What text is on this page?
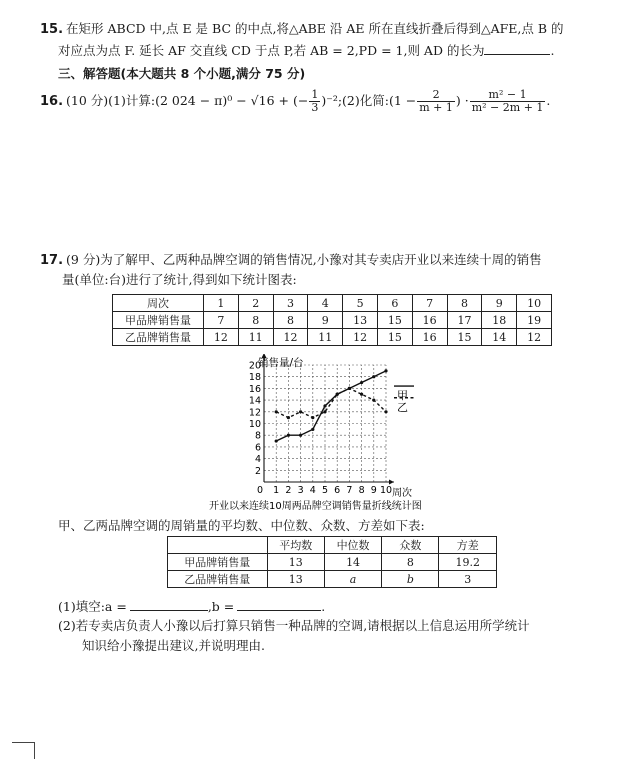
15. 在矩形 ABCD 中,点 E 是 BC 的中点,将△ABE 沿 AE 所在直线折叠后得到△AFE,点 B 的
对应点为点 F. 延长 AF 交直线 CD 于点 P,若 AB = 2,PD = 1,则 AD 的长为	.
三、解答题(本大题共 8 个小题,满分 75 分)
16. (10 分)(1)计算:(2 024 − π)⁰ − √16 + (− $\frac{1}{3}$ )⁻²;(2)化简:(1 − $\frac{2}{m + 1}$ ) · $\frac{\text{m² − 1}}{\text{m² − 2m + 1}}$ .
17. (9 分)为了解甲、乙两种品牌空调的销售情况,小豫对其专卖店开业以来连续十周的销售
量(单位:台)进行了统计,得到如下统计图表:
周次	1	2	3	4	5	6	7	8	9	10
甲品牌销售量	7	8	8	9	13	15	16	17	18	19
乙品牌销售量	12	11	12	11	12	15	16	15	14	12
2
4
6
8
10
12
14
16
18
20
0 1 2 3 4 5 6 7 8 9 10
甲
乙
销售量/台
周次
开业以来连续10周两品牌空调销售量折线统计图
甲、乙两品牌空调的周销量的平均数、中位数、众数、方差如下表:
	平均数	中位数	众数	方差
甲品牌销售量	13	14	8	19.2
乙品牌销售量	13	a	b	3
(1)填空:a =	,b =	.
(2)若专卖店负责人小豫以后打算只销售一种品牌的空调,请根据以上信息运用所学统计
知识给小豫提出建议,并说明理由.
